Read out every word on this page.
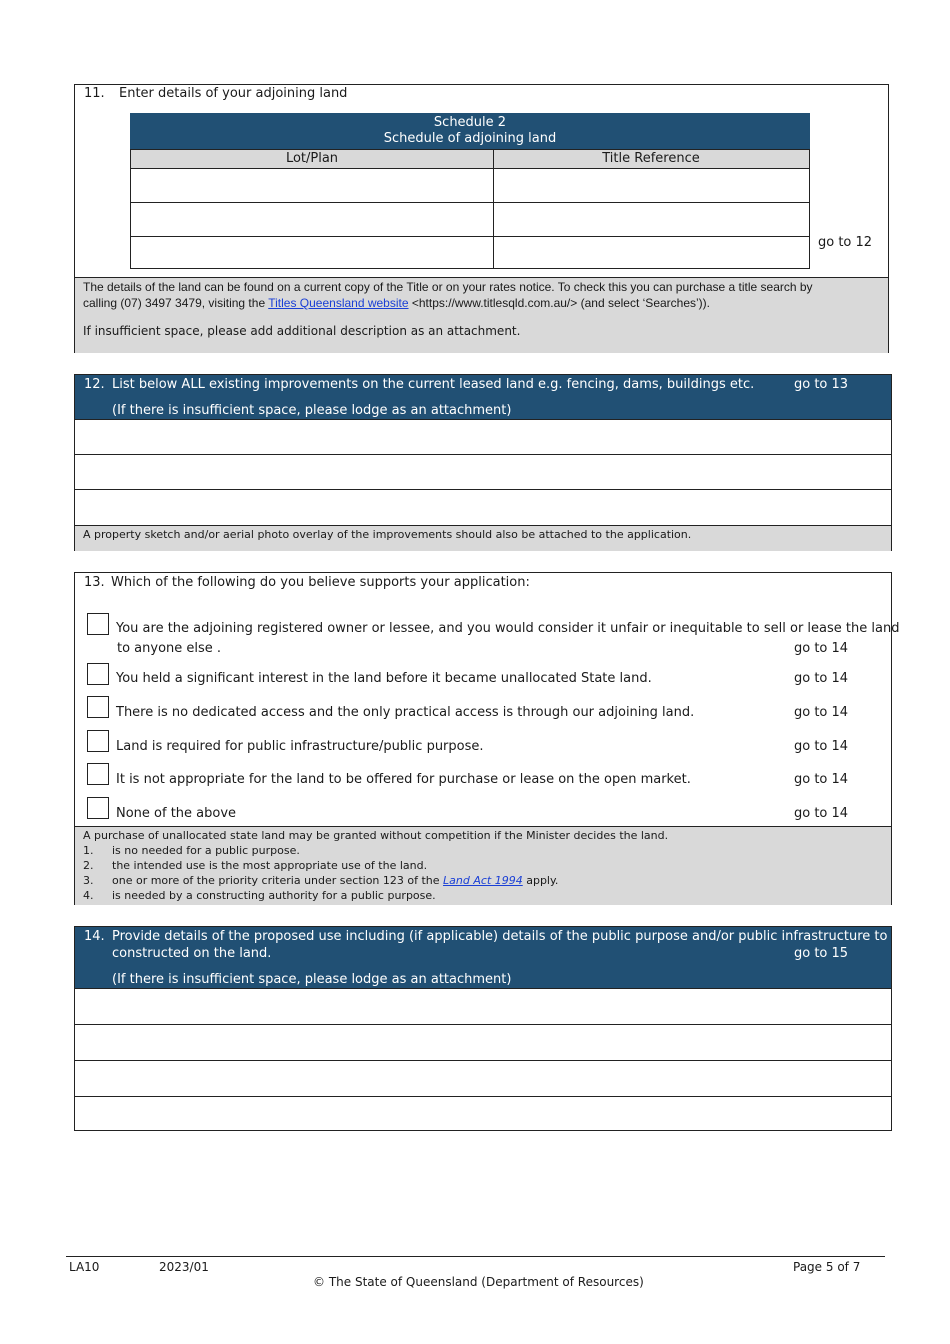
11. Enter details of your adjoining land
Schedule 2
Schedule of adjoining land
Lot/Plan	Title Reference
go to 12
The details of the land can be found on a current copy of the Title or on your rates notice. To check this you can purchase a title search by
calling (07) 3497 3479, visiting the Titles Queensland website <https://www.titlesqld.com.au/> (and select ‘Searches’)).
If insufficient space, please add additional description as an attachment.
12. List below ALL existing improvements on the current leased land e.g. fencing, dams, buildings etc.	go to 13
(If there is insufficient space, please lodge as an attachment)
A property sketch and/or aerial photo overlay of the improvements should also be attached to the application.
13. Which of the following do you believe supports your application:
You are the adjoining registered owner or lessee, and you would consider it unfair or inequitable to sell or lease the land
to anyone else .	go to 14
You held a significant interest in the land before it became unallocated State land.	go to 14
There is no dedicated access and the only practical access is through our adjoining land.	go to 14
Land is required for public infrastructure/public purpose.	go to 14
It is not appropriate for the land to be offered for purchase or lease on the open market.	go to 14
None of the above	go to 14
A purchase of unallocated state land may be granted without competition if the Minister decides the land.
1. is no needed for a public purpose.
2. the intended use is the most appropriate use of the land.
3. one or more of the priority criteria under section 123 of the Land Act 1994 apply.
4. is needed by a constructing authority for a public purpose.
14. Provide details of the proposed use including (if applicable) details of the public purpose and/or public infrastructure to be
constructed on the land.	go to 15
(If there is insufficient space, please lodge as an attachment)
LA10	2023/01	Page 5 of 7
© The State of Queensland (Department of Resources)
